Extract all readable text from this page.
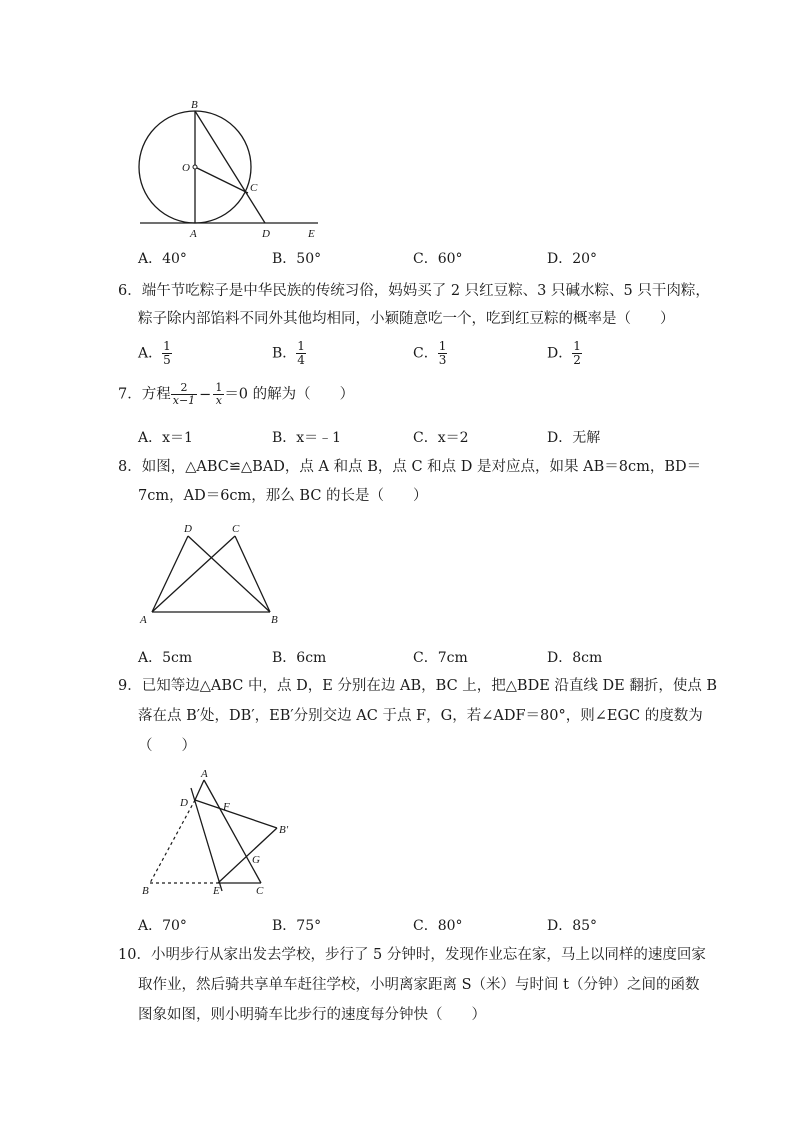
B
O
C
A	D	E
A．40°	B．50°	C．60°	D．20°
6．端午节吃粽子是中华民族的传统习俗，妈妈买了 2 只红豆粽、3 只碱水粽、5 只干肉粽，
粽子除内部馅料不同外其他均相同，小颖随意吃一个，吃到红豆粽的概率是（　　）
A． $\frac{1}{5}$	B． $\frac{1}{4}$	C． $\frac{1}{3}$	D． $\frac{1}{2}$
7．方程 $\frac{2}{x-1} - \frac{1}{x} =0$ 的解为（　　）
A．x＝1	B．x＝﹣1	C．x＝2	D．无解
8．如图，△ABC≌△BAD，点 A 和点 B，点 C 和点 D 是对应点，如果 AB＝8cm，BD＝
7cm，AD＝6cm，那么 BC 的长是（　　）
D	C
A	B
A．5cm	B．6cm	C．7cm	D．8cm
9．已知等边△ABC 中，点 D，E 分别在边 AB，BC 上，把△BDE 沿直线 DE 翻折，使点 B
落在点 B′处，DB′，EB′分别交边 AC 于点 F，G，若∠ADF＝80°，则∠EGC 的度数为
（　　）
A
D	F
B′
G
B	E	C
A．70°	B．75°	C．80°	D．85°
10．小明步行从家出发去学校，步行了 5 分钟时，发现作业忘在家，马上以同样的速度回家
取作业，然后骑共享单车赶往学校，小明离家距离 S（米）与时间 t（分钟）之间的函数
图象如图，则小明骑车比步行的速度每分钟快（　　）
